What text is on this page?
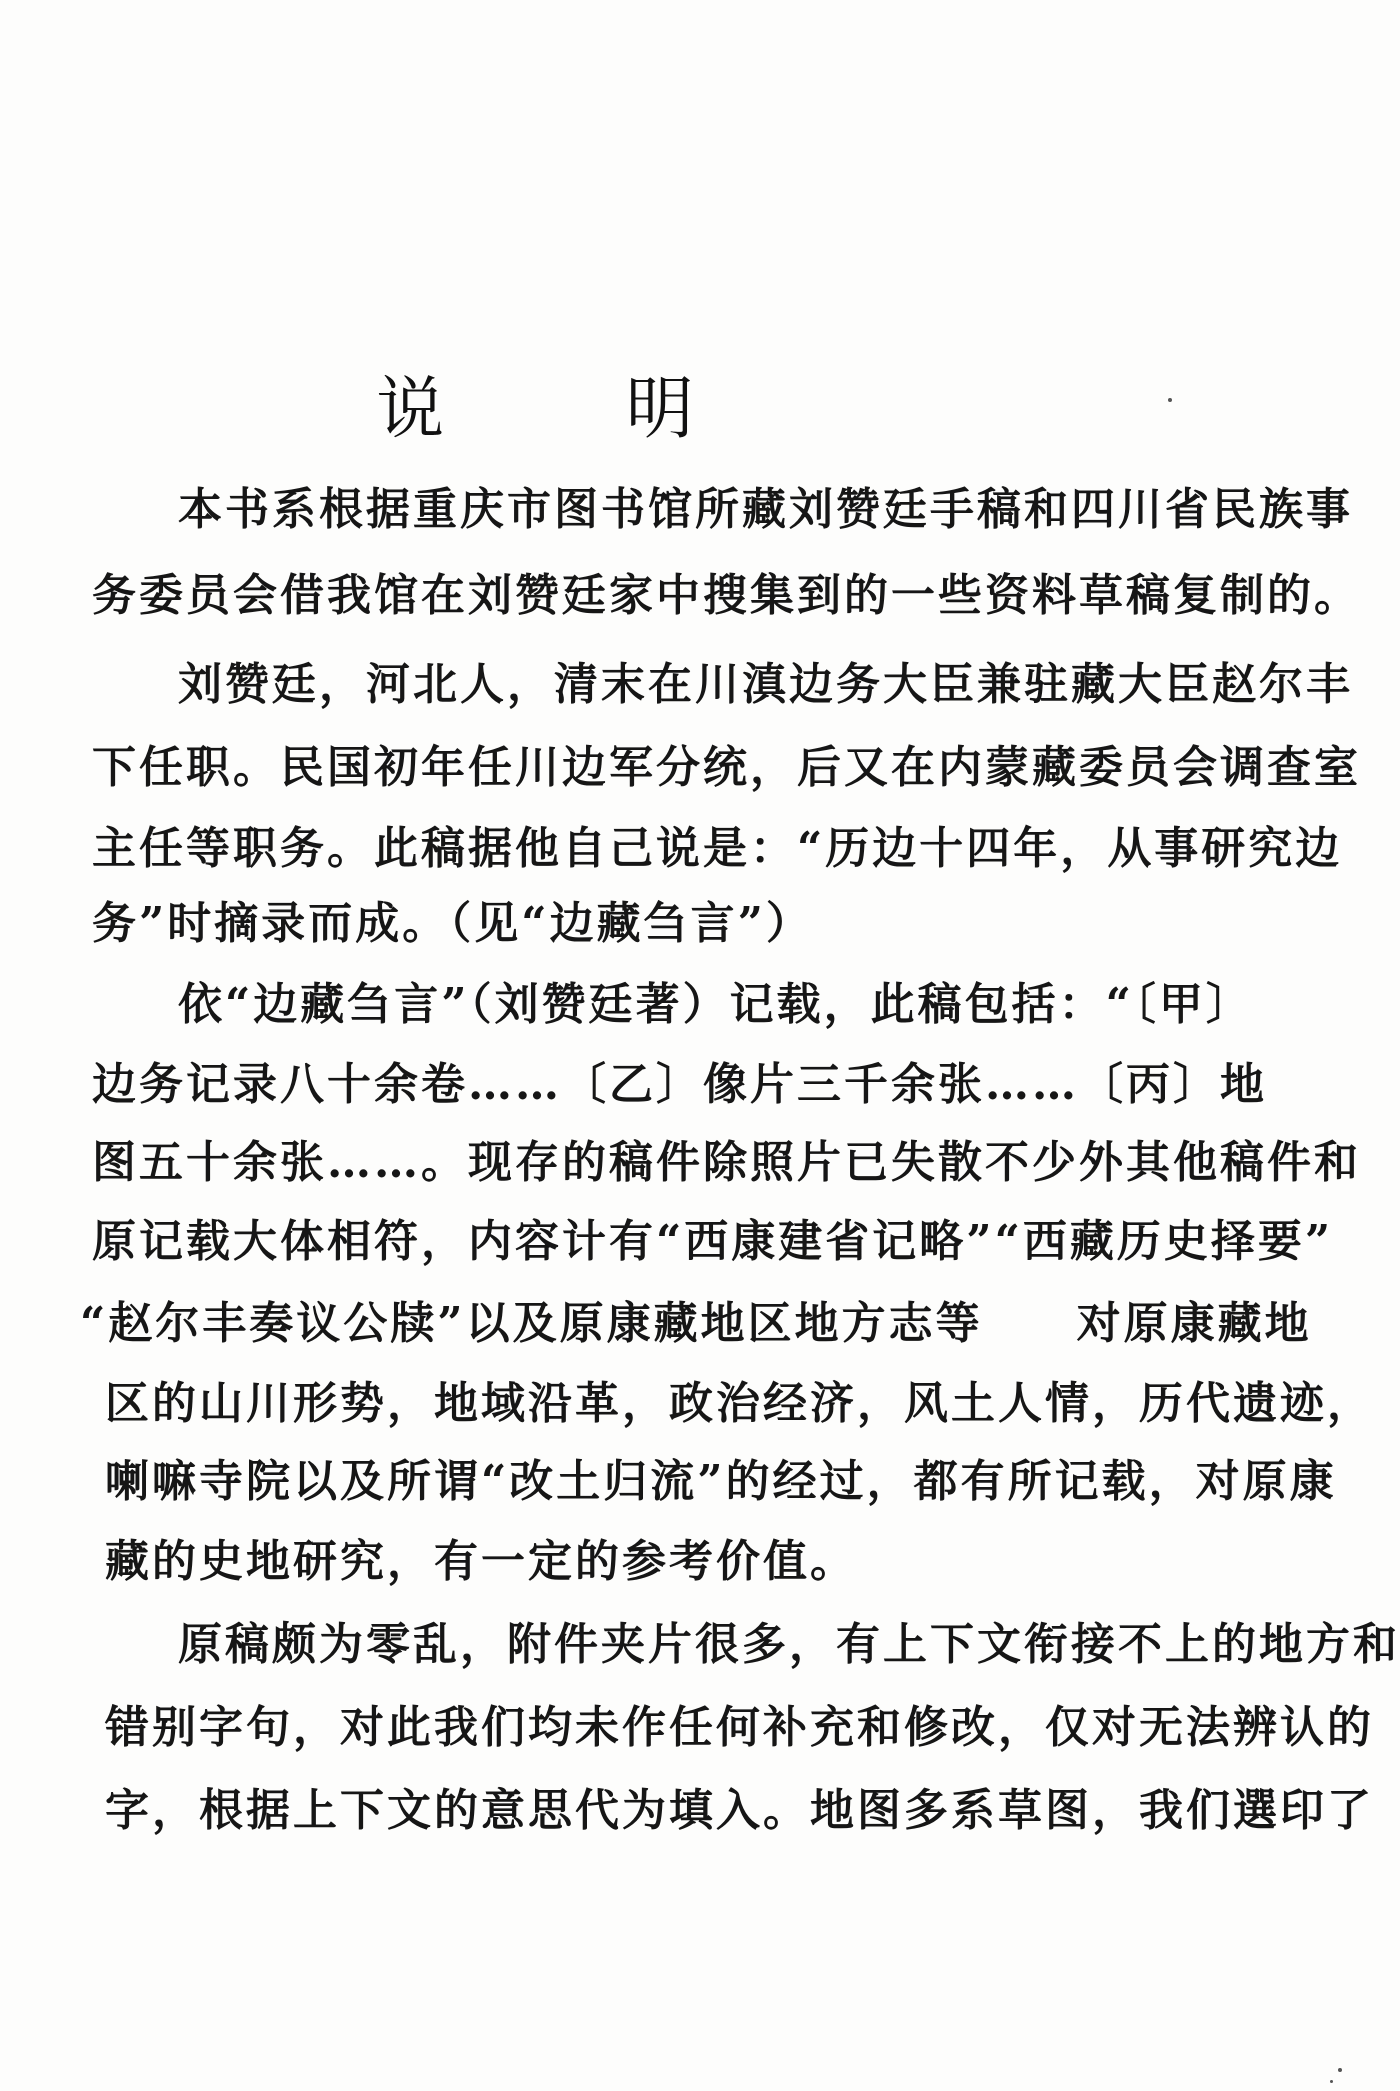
说 明
本书系根据重庆市图书馆所藏刘赞廷手稿和四川省民族事
务委员会借我馆在刘赞廷家中搜集到的一些资料草稿复制的。
刘赞廷，河北人，清末在川滇边务大臣兼驻藏大臣赵尔丰
下任职。民国初年任川边军分统，后又在内蒙藏委员会调查室
主任等职务。此稿据他自己说是：“历边十四年，从事研究边
务”时摘录而成。（见“边藏刍言”）
依“边藏刍言”（刘赞廷著）记载，此稿包括：“〔甲〕
边务记录八十余卷……〔乙〕像片三千余张……〔丙〕地
图五十余张……。现存的稿件除照片已失散不少外其他稿件和
原记载大体相符，内容计有“西康建省记略”“西藏历史择要”
“赵尔丰奏议公牍”以及原康藏地区地方志等　　对原康藏地
区的山川形势，地域沿革，政治经济，风土人情，历代遗迹，
喇嘛寺院以及所谓“改土归流”的经过，都有所记载，对原康
藏的史地研究，有一定的参考价值。
原稿颇为零乱，附件夹片很多，有上下文衔接不上的地方和
错别字句，对此我们均未作任何补充和修改，仅对无法辨认的
字，根据上下文的意思代为填入。地图多系草图，我们選印了
